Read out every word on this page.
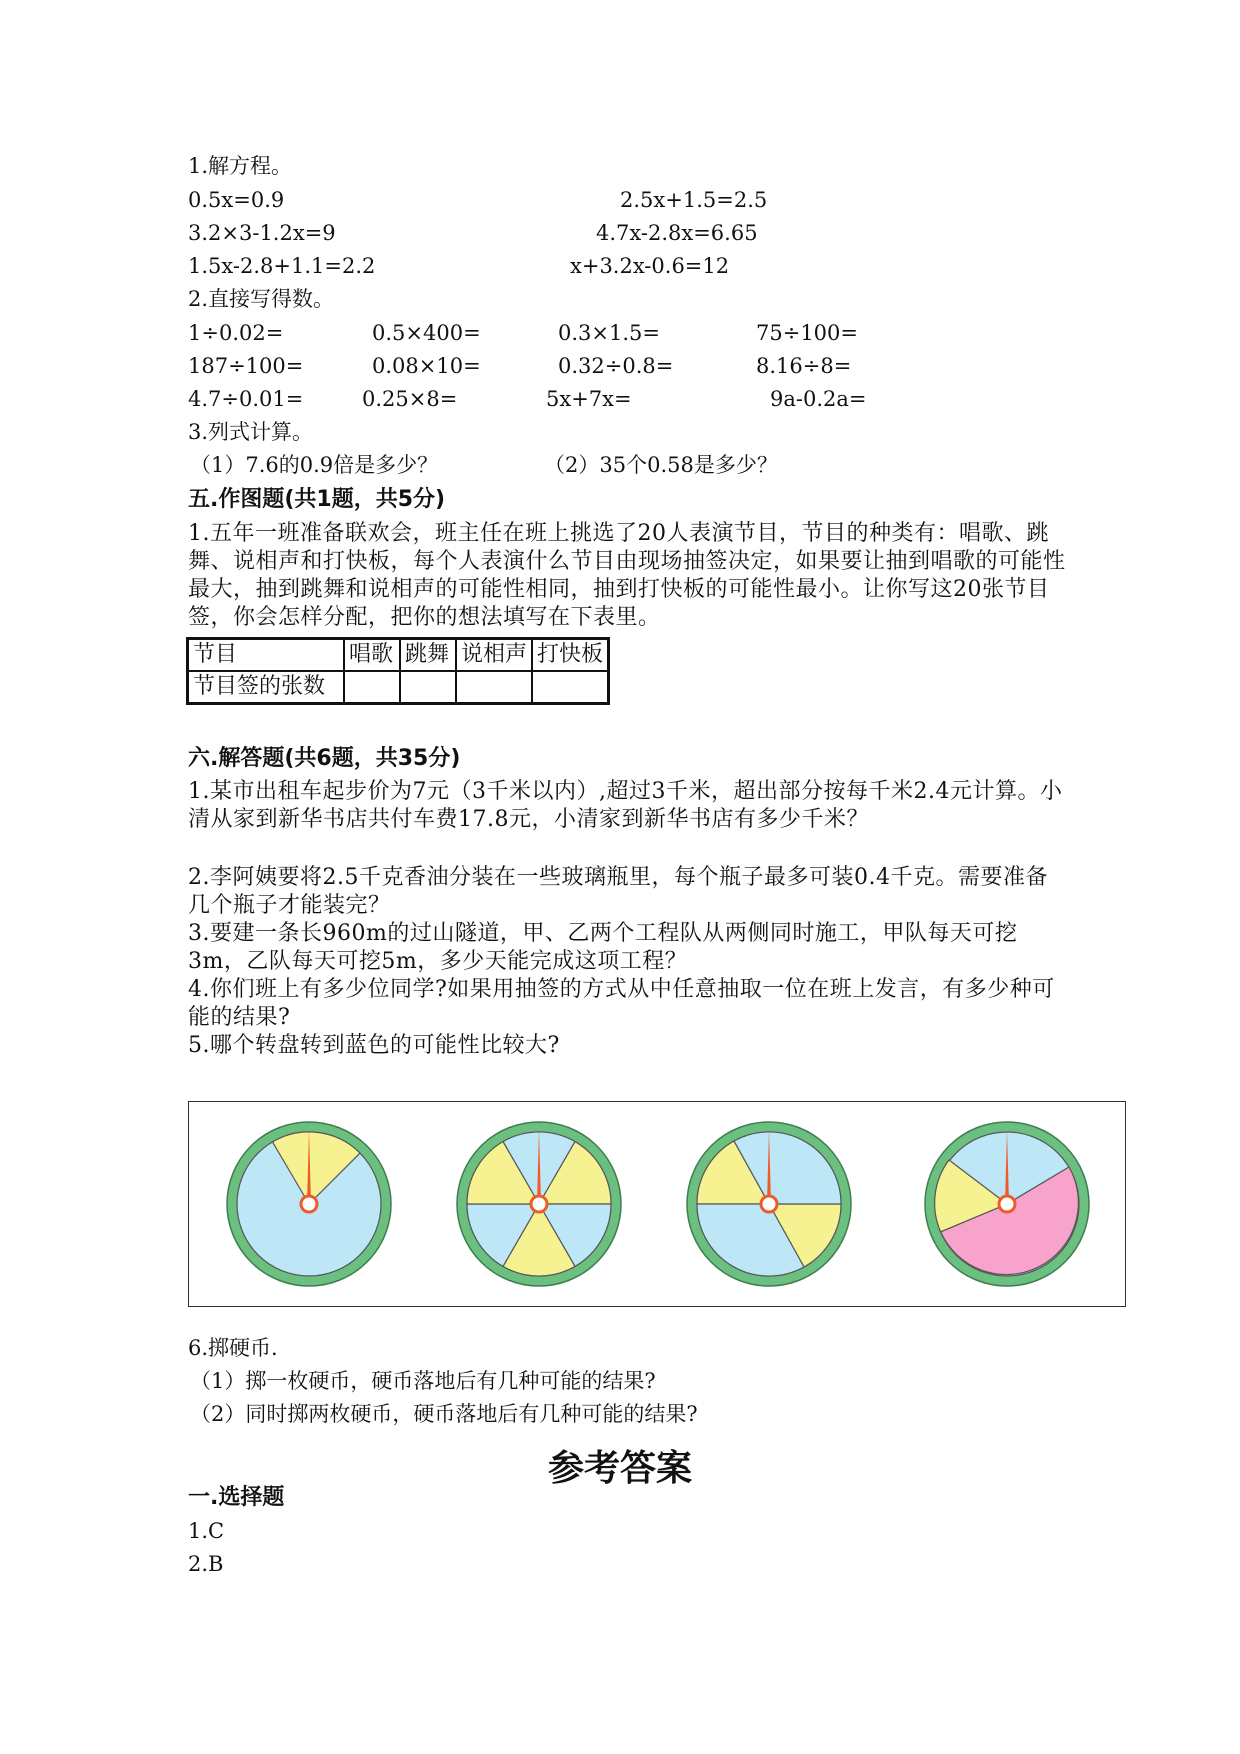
1.解方程。
0.5x=0.9	2.5x+1.5=2.5
3.2×3-1.2x=9	4.7x-2.8x=6.65
1.5x-2.8+1.1=2.2	x+3.2x-0.6=12
2.直接写得数。
1÷0.02=	0.5×400=	0.3×1.5=	75÷100=
187÷100=	0.08×10=	0.32÷0.8=	8.16÷8=
4.7÷0.01=	0.25×8=	5x+7x=	9a-0.2a=
3.列式计算。
（1）7.6的0.9倍是多少？	（2）35个0.58是多少？
五.作图题(共1题，共5分)
1.五年一班准备联欢会，班主任在班上挑选了20人表演节目，节目的种类有：唱歌、跳舞、说相声和打快板，每个人表演什么节目由现场抽签决定，如果要让抽到唱歌的可能性最大，抽到跳舞和说相声的可能性相同，抽到打快板的可能性最小。让你写这20张节目签，你会怎样分配，把你的想法填写在下表里。
节目	唱歌	跳舞	说相声	打快板
节目签的张数				
六.解答题(共6题，共35分)
1.某市出租车起步价为7元（3千米以内）,超过3千米，超出部分按每千米2.4元计算。小清从家到新华书店共付车费17.8元，小清家到新华书店有多少千米？
2.李阿姨要将2.5千克香油分装在一些玻璃瓶里，每个瓶子最多可装0.4千克。需要准备几个瓶子才能装完？
3.要建一条长960m的过山隧道，甲、乙两个工程队从两侧同时施工，甲队每天可挖3m，乙队每天可挖5m，多少天能完成这项工程？
4.你们班上有多少位同学?如果用抽签的方式从中任意抽取一位在班上发言，有多少种可能的结果?
5.哪个转盘转到蓝色的可能性比较大?
6.掷硬币.
（1）掷一枚硬币，硬币落地后有几种可能的结果?
（2）同时掷两枚硬币，硬币落地后有几种可能的结果?
参考答案
一.选择题
1.C
2.B
